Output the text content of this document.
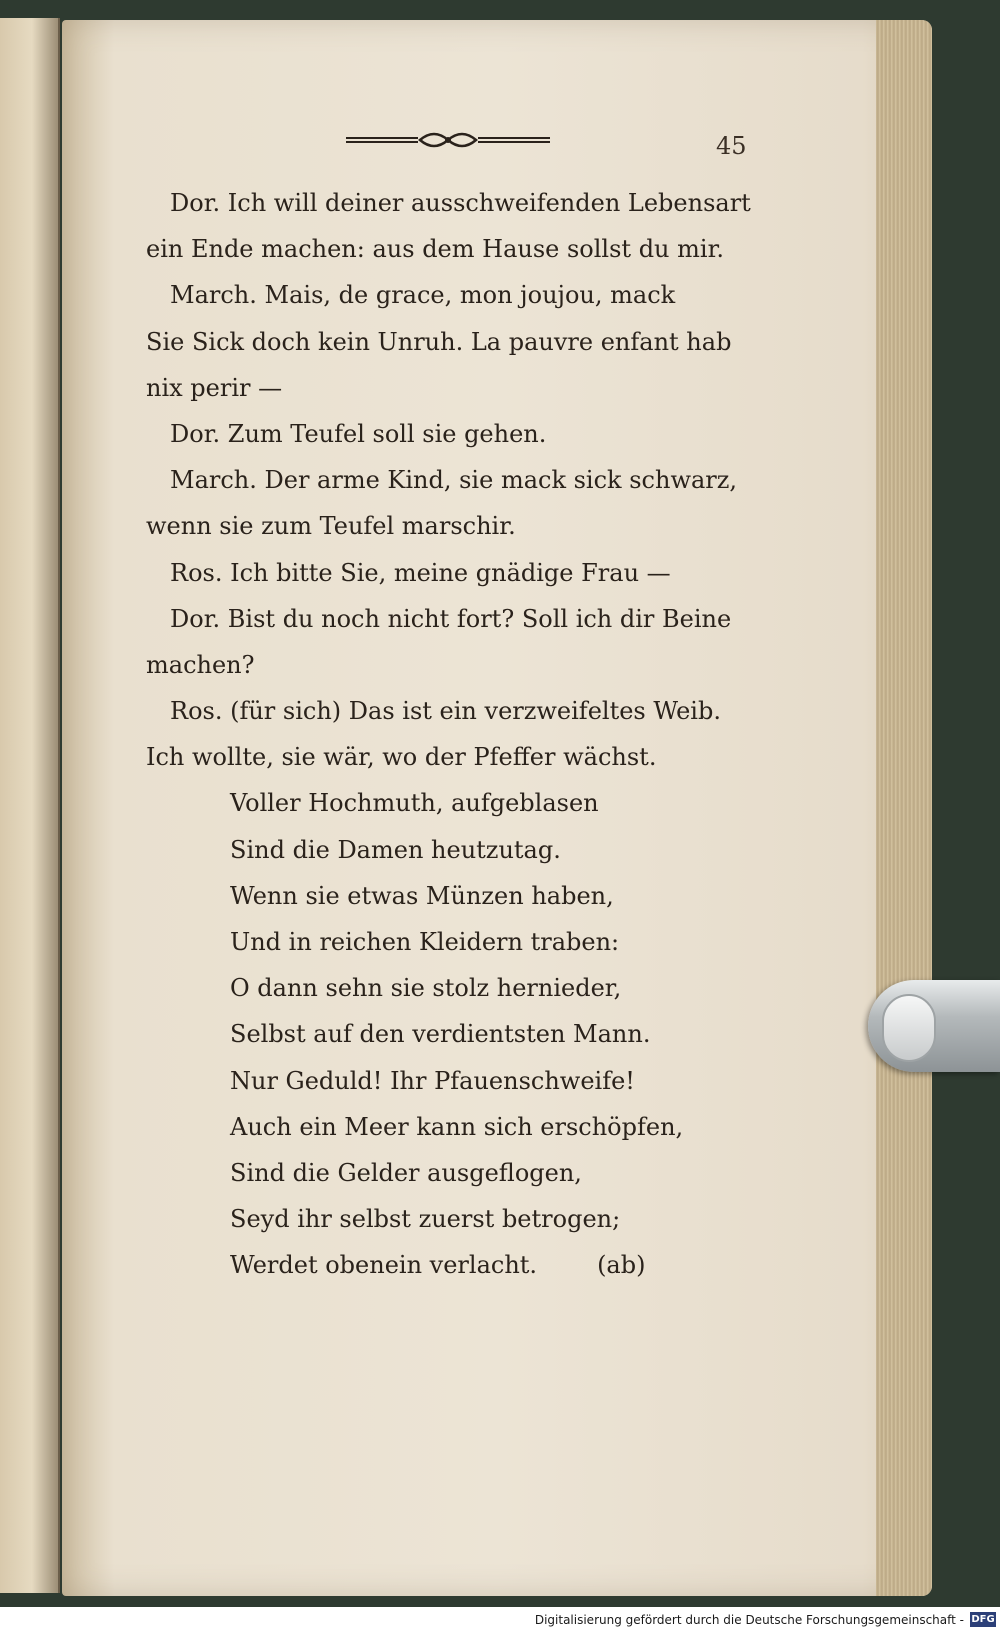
45
Dor. Ich will deiner ausschweifenden Lebensart
ein Ende machen: aus dem Hause sollst du mir.
March. Mais, de grace, mon joujou, mack
Sie Sick doch kein Unruh. La pauvre enfant hab
nix perir —
Dor. Zum Teufel soll sie gehen.
March. Der arme Kind, sie mack sick schwarz,
wenn sie zum Teufel marschir.
Ros. Ich bitte Sie, meine gnädige Frau —
Dor. Bist du noch nicht fort? Soll ich dir Beine
machen?
Ros. (für sich) Das ist ein verzweifeltes Weib.
Ich wollte, sie wär, wo der Pfeffer wächst.
Voller Hochmuth, aufgeblasen
Sind die Damen heutzutag.
Wenn sie etwas Münzen haben,
Und in reichen Kleidern traben:
O dann sehn sie stolz hernieder,
Selbst auf den verdientsten Mann.
Nur Geduld! Ihr Pfauenschweife!
Auch ein Meer kann sich erschöpfen,
Sind die Gelder ausgeflogen,
Seyd ihr selbst zuerst betrogen;
Werdet obenein verlacht.	(ab)
Digitalisierung gefördert durch die Deutsche Forschungsgemeinschaft - DFG
